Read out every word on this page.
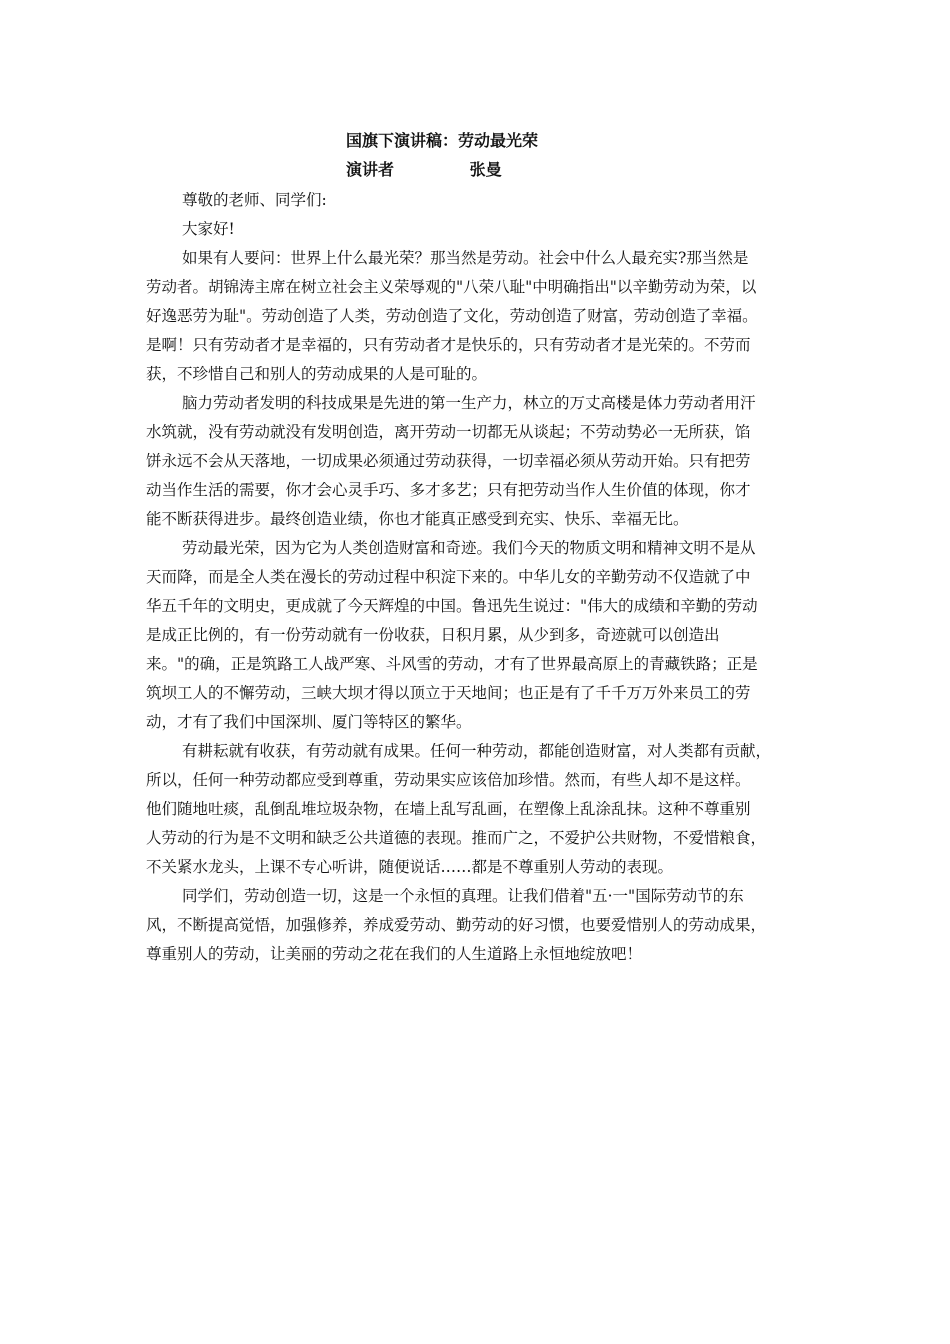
国旗下演讲稿：劳动最光荣
演讲者	张曼
尊敬的老师、同学们:
大家好!
如果有人要问：世界上什么最光荣？那当然是劳动。社会中什么人最充实?那当然是
劳动者。胡锦涛主席在树立社会主义荣辱观的"八荣八耻"中明确指出"以辛勤劳动为荣，以
好逸恶劳为耻"。劳动创造了人类，劳动创造了文化，劳动创造了财富，劳动创造了幸福。
是啊！只有劳动者才是幸福的，只有劳动者才是快乐的，只有劳动者才是光荣的。不劳而
获，不珍惜自己和别人的劳动成果的人是可耻的。
脑力劳动者发明的科技成果是先进的第一生产力，林立的万丈高楼是体力劳动者用汗
水筑就，没有劳动就没有发明创造，离开劳动一切都无从谈起；不劳动势必一无所获，馅
饼永远不会从天落地，一切成果必须通过劳动获得，一切幸福必须从劳动开始。只有把劳
动当作生活的需要，你才会心灵手巧、多才多艺；只有把劳动当作人生价值的体现，你才
能不断获得进步。最终创造业绩，你也才能真正感受到充实、快乐、幸福无比。
劳动最光荣，因为它为人类创造财富和奇迹。我们今天的物质文明和精神文明不是从
天而降，而是全人类在漫长的劳动过程中积淀下来的。中华儿女的辛勤劳动不仅造就了中
华五千年的文明史，更成就了今天辉煌的中国。鲁迅先生说过："伟大的成绩和辛勤的劳动
是成正比例的，有一份劳动就有一份收获，日积月累，从少到多，奇迹就可以创造出
来。"的确，正是筑路工人战严寒、斗风雪的劳动，才有了世界最高原上的青藏铁路；正是
筑坝工人的不懈劳动，三峡大坝才得以顶立于天地间；也正是有了千千万万外来员工的劳
动，才有了我们中国深圳、厦门等特区的繁华。
有耕耘就有收获，有劳动就有成果。任何一种劳动，都能创造财富，对人类都有贡献，
所以，任何一种劳动都应受到尊重，劳动果实应该倍加珍惜。然而，有些人却不是这样。
他们随地吐痰，乱倒乱堆垃圾杂物，在墙上乱写乱画，在塑像上乱涂乱抹。这种不尊重别
人劳动的行为是不文明和缺乏公共道德的表现。推而广之，不爱护公共财物，不爱惜粮食，
不关紧水龙头，上课不专心听讲，随便说话……都是不尊重别人劳动的表现。
同学们，劳动创造一切，这是一个永恒的真理。让我们借着"五·一"国际劳动节的东
风，不断提高觉悟，加强修养，养成爱劳动、勤劳动的好习惯，也要爱惜别人的劳动成果，
尊重别人的劳动，让美丽的劳动之花在我们的人生道路上永恒地绽放吧！
